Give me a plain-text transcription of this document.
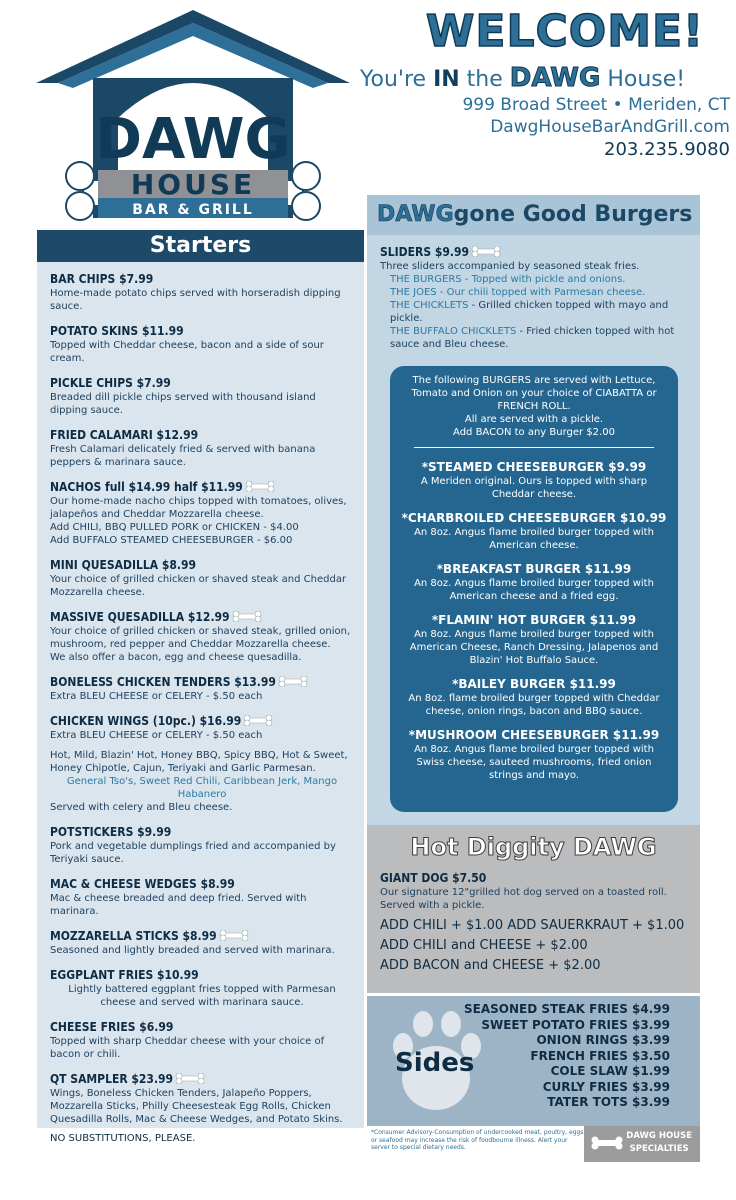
DAWG
HOUSE
BAR & GRILL
WELCOME!
You're IN the DAWG House!
999 Broad Street • Meriden, CT
DawgHouseBarAndGrill.com
203.235.9080
Starters
BAR CHIPS $7.99
Home-made potato chips served with horseradish dipping sauce.
POTATO SKINS $11.99
Topped with Cheddar cheese, bacon and a side of sour cream.
PICKLE CHIPS $7.99
Breaded dill pickle chips served with thousand island dipping sauce.
FRIED CALAMARI $12.99
Fresh Calamari delicately fried & served with banana peppers & marinara sauce.
NACHOS full $14.99 half $11.99
Our home-made nacho chips topped with tomatoes, olives, jalapeños and Cheddar Mozzarella cheese.
Add CHILI, BBQ PULLED PORK or CHICKEN - $4.00
Add BUFFALO STEAMED CHEESEBURGER - $6.00
MINI QUESADILLA $8.99
Your choice of grilled chicken or shaved steak and Cheddar Mozzarella cheese.
MASSIVE QUESADILLA $12.99
Your choice of grilled chicken or shaved steak, grilled onion, mushroom, red pepper and Cheddar Mozzarella cheese.
We also offer a bacon, egg and cheese quesadilla.
BONELESS CHICKEN TENDERS $13.99
Extra BLEU CHEESE or CELERY - $.50 each
CHICKEN WINGS (10pc.) $16.99
Extra BLEU CHEESE or CELERY - $.50 each
Hot, Mild, Blazin' Hot, Honey BBQ, Spicy BBQ, Hot & Sweet, Honey Chipotle, Cajun, Teriyaki and Garlic Parmesan.
General Tso's, Sweet Red Chili, Caribbean Jerk, Mango Habanero
Served with celery and Bleu cheese.
POTSTICKERS $9.99
Pork and vegetable dumplings fried and accompanied by Teriyaki sauce.
MAC & CHEESE WEDGES $8.99
Mac & cheese breaded and deep fried. Served with marinara.
MOZZARELLA STICKS $8.99
Seasoned and lightly breaded and served with marinara.
EGGPLANT FRIES $10.99
Lightly battered eggplant fries topped with Parmesan cheese and served with marinara sauce.
CHEESE FRIES $6.99
Topped with sharp Cheddar cheese with your choice of bacon or chili.
QT SAMPLER $23.99
Wings, Boneless Chicken Tenders, Jalapeño Poppers, Mozzarella Sticks, Philly Cheesesteak Egg Rolls, Chicken Quesadilla Rolls, Mac & Cheese Wedges, and Potato Skins.
NO SUBSTITUTIONS, PLEASE.
DAWGgone Good Burgers
SLIDERS $9.99
Three sliders accompanied by seasoned steak fries.
THE BURGERS - Topped with pickle and onions.
THE JOES - Our chili topped with Parmesan cheese.
THE CHICKLETS - Grilled chicken topped with mayo and pickle.
THE BUFFALO CHICKLETS - Fried chicken topped with hot sauce and Bleu cheese.
The following BURGERS are served with Lettuce, Tomato and Onion on your choice of CIABATTA or FRENCH ROLL.
All are served with a pickle.
Add BACON to any Burger $2.00
*STEAMED CHEESEBURGER $9.99
A Meriden original. Ours is topped with sharp Cheddar cheese.
*CHARBROILED CHEESEBURGER $10.99
An 8oz. Angus flame broiled burger topped with American cheese.
*BREAKFAST BURGER $11.99
An 8oz. Angus flame broiled burger topped with American cheese and a fried egg.
*FLAMIN' HOT BURGER $11.99
An 8oz. Angus flame broiled burger topped with American Cheese, Ranch Dressing, Jalapenos and Blazin' Hot Buffalo Sauce.
*BAILEY BURGER $11.99
An 8oz. flame broiled burger topped with Cheddar cheese, onion rings, bacon and BBQ sauce.
*MUSHROOM CHEESEBURGER $11.99
An 8oz. Angus flame broiled burger topped with Swiss cheese, sauteed mushrooms, fried onion strings and mayo.
Hot Diggity DAWG
GIANT DOG $7.50
Our signature 12"grilled hot dog served on a toasted roll. Served with a pickle.
ADD CHILI + $1.00 ADD SAUERKRAUT + $1.00
ADD CHILI and CHEESE + $2.00
ADD BACON and CHEESE + $2.00
Sides
SEASONED STEAK FRIES $4.99
SWEET POTATO FRIES $3.99
ONION RINGS $3.99
FRENCH FRIES $3.50
COLE SLAW $1.99
CURLY FRIES $3.99
TATER TOTS $3.99
*Consumer Advisory-Consumption of undercooked meat, poultry, eggs or seafood may increase the risk of foodbourne illness. Alert your server to special dietary needs.
DAWG HOUSE
SPECIALTIES
